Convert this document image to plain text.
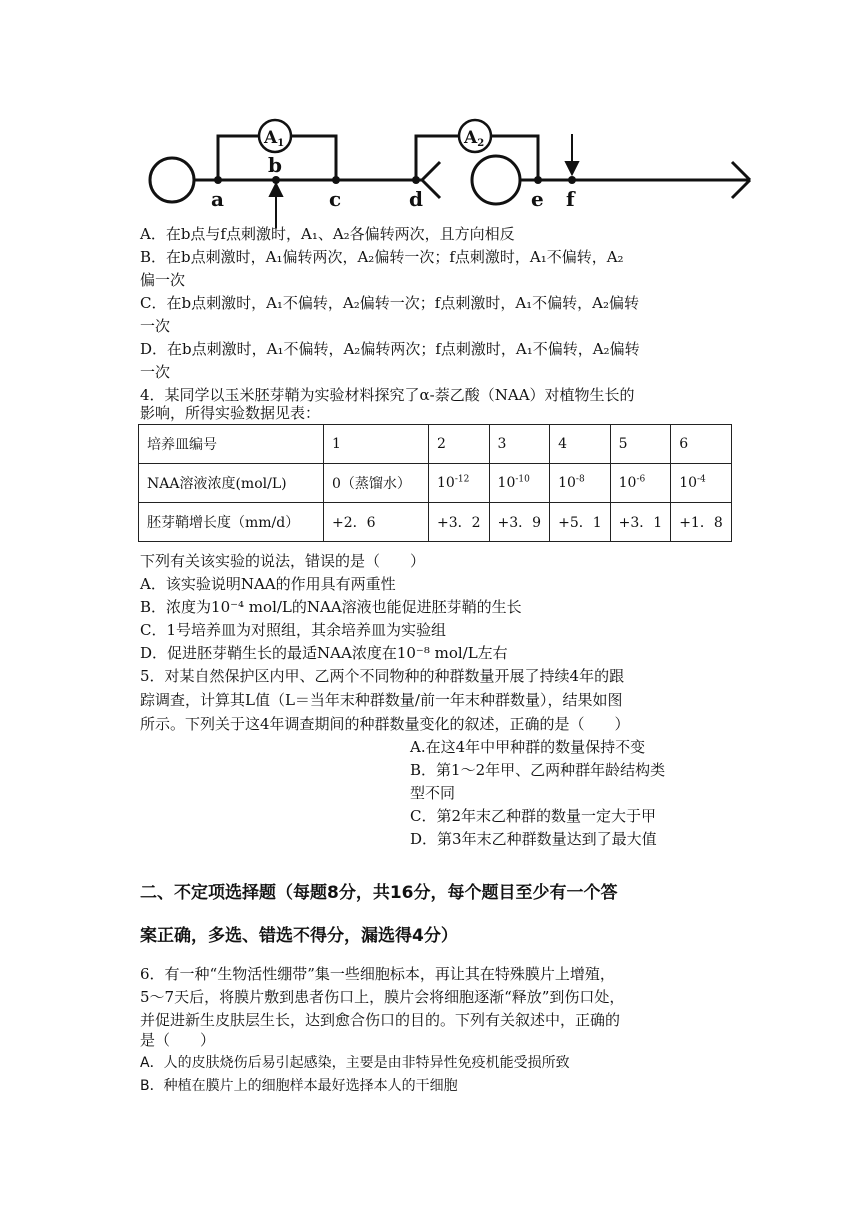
A1	A2
a
b
c	d	e f
A．在b点与f点刺激时，A₁、A₂各偏转两次，且方向相反
B．在b点刺激时，A₁偏转两次，A₂偏转一次；f点刺激时，A₁不偏转，A₂
偏一次
C．在b点刺激时，A₁不偏转，A₂偏转一次；f点刺激时，A₁不偏转，A₂偏转
一次
D．在b点刺激时，A₁不偏转，A₂偏转两次；f点刺激时，A₁不偏转，A₂偏转
一次
4．某同学以玉米胚芽鞘为实验材料探究了α-萘乙酸（NAA）对植物生长的
影响，所得实验数据见表：
培养皿编号	1	2	3	4	5	6
NAA溶液浓度(mol/L)	0（蒸馏水）	$10^{-12}$	$10^{-10}$	$10^{-8}$	$10^{-6}$	$10^{-4}$
胚芽鞘增长度（mm/d）	+2．6	+3．2	+3．9	+5．1	+3．1	+1．8
下列有关该实验的说法，错误的是（　　）
A．该实验说明NAA的作用具有两重性
B．浓度为10⁻⁴ mol/L的NAA溶液也能促进胚芽鞘的生长
C．1号培养皿为对照组，其余培养皿为实验组
D．促进胚芽鞘生长的最适NAA浓度在10⁻⁸ mol/L左右
5．对某自然保护区内甲、乙两个不同物种的种群数量开展了持续4年的跟
踪调查，计算其L值（L＝当年末种群数量/前一年末种群数量），结果如图
所示。下列关于这4年调查期间的种群数量变化的叙述，正确的是（　　）
A.在这4年中甲种群的数量保持不变
B．第1～2年甲、乙两种群年龄结构类
型不同
C．第2年末乙种群的数量一定大于甲
D．第3年末乙种群数量达到了最大值
二、不定项选择题（每题8分，共16分，每个题目至少有一个答
案正确，多选、错选不得分，漏选得4分）
6．有一种“生物活性绷带”集一些细胞标本，再让其在特殊膜片上增殖，
5～7天后，将膜片敷到患者伤口上，膜片会将细胞逐渐“释放”到伤口处，
并促进新生皮肤层生长，达到愈合伤口的目的。下列有关叙述中，正确的
是（　　）
A．人的皮肤烧伤后易引起感染，主要是由非特异性免疫机能受损所致
B．种植在膜片上的细胞样本最好选择本人的干细胞
